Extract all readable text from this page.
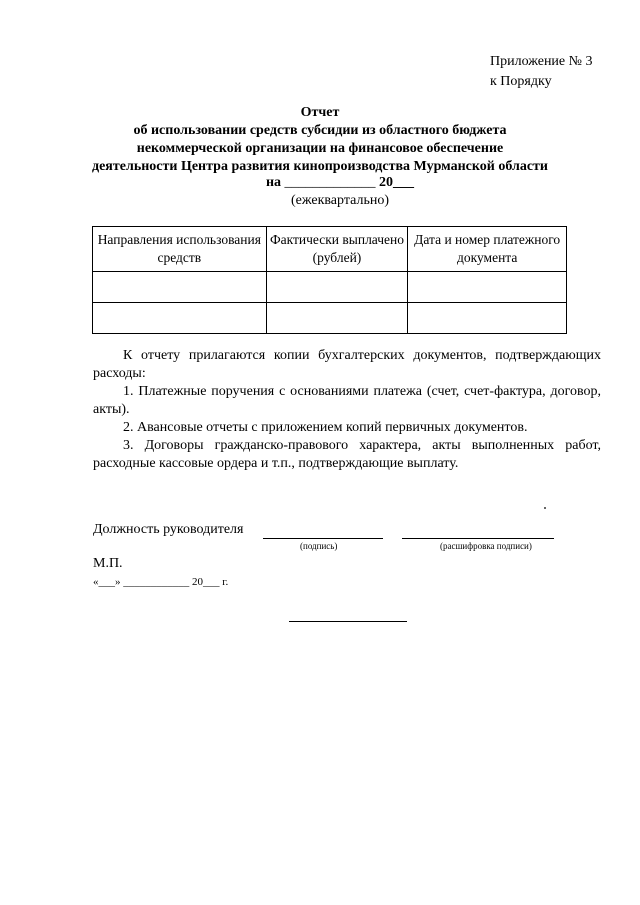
Приложение № 3
к Порядку
Отчет
об использовании средств субсидии из областного бюджета
некоммерческой организации на финансовое обеспечение
деятельности Центра развития кинопроизводства Мурманской области
на _____________ 20___
(ежеквартально)
Направления использования средств	Фактически выплачено (рублей)	Дата и номер платежного документа

К отчету прилагаются копии бухгалтерских документов, подтверждающих расходы:

1. Платежные поручения с основаниями платежа (счет, счет-фактура, договор, акты).

2. Авансовые отчеты с приложением копий первичных документов.

3. Договоры гражданско-правового характера, акты выполненных работ, расходные кассовые ордера и т.п., подтверждающие выплату.

Должность руководителя
(подпись)	(расшифровка подписи)
М.П.
«___» ____________ 20___ г.
